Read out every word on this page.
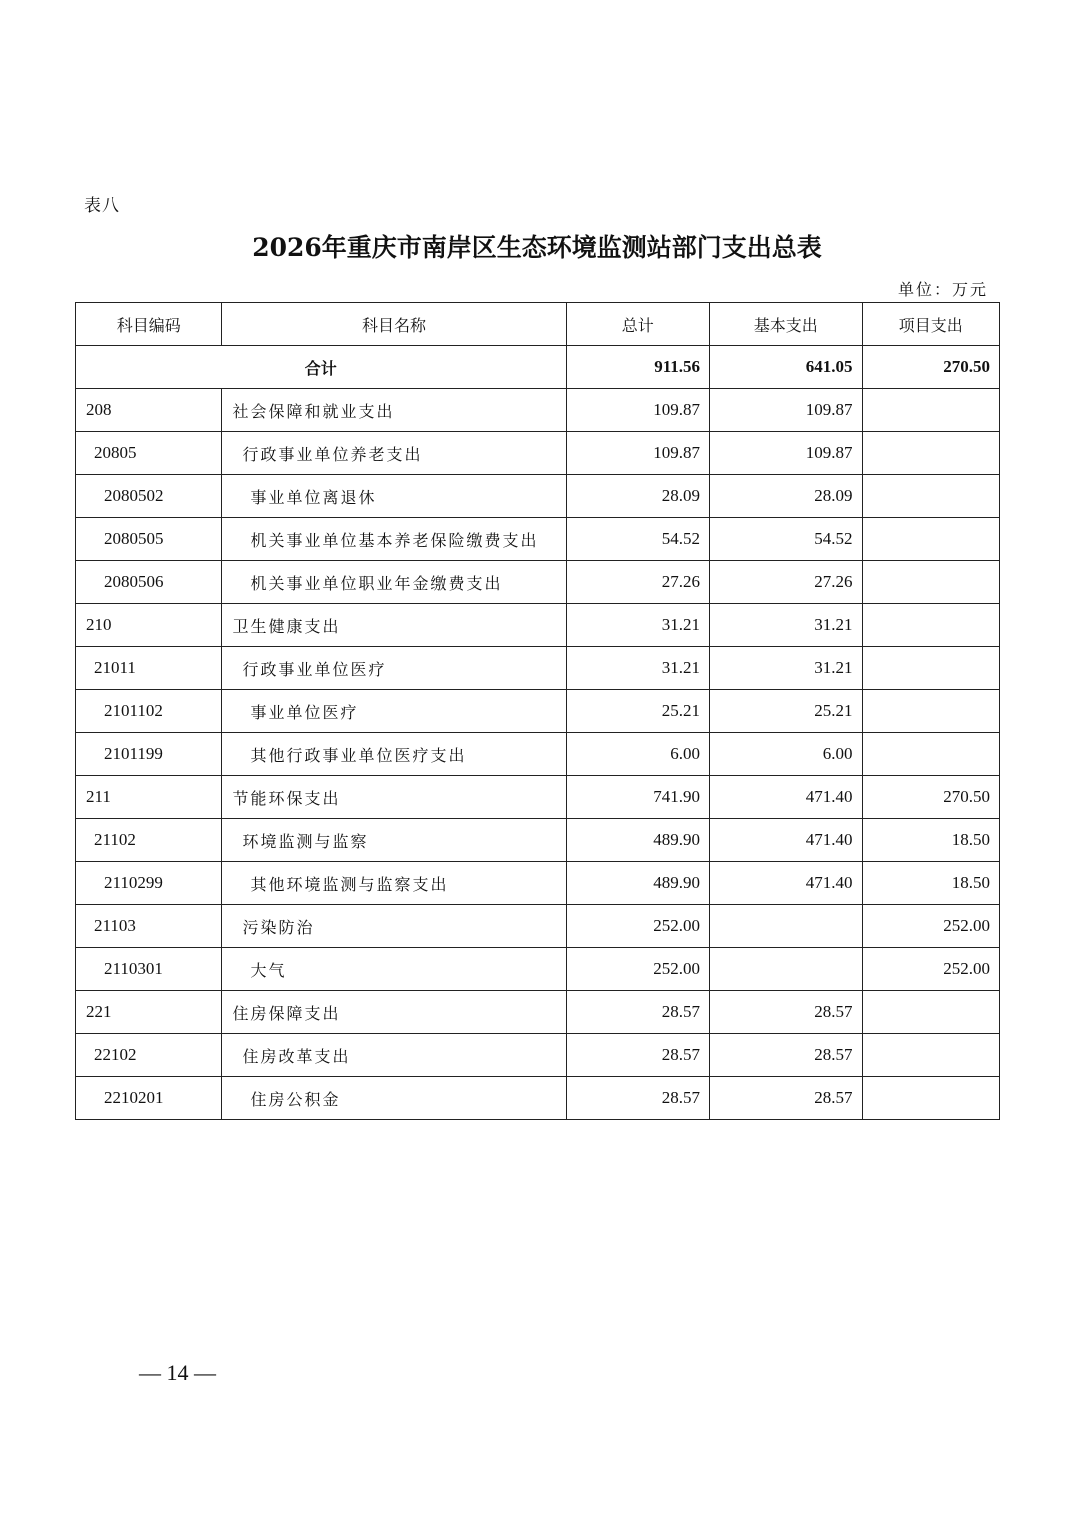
表八
2026年重庆市南岸区生态环境监测站部门支出总表
单位：万元
科目编码	科目名称	总计	基本支出	项目支出
合计		911.56	641.05	270.50
208	社会保障和就业支出	109.87	109.87	
20805	行政事业单位养老支出	109.87	109.87	
2080502	事业单位离退休	28.09	28.09	
2080505	机关事业单位基本养老保险缴费支出	54.52	54.52	
2080506	机关事业单位职业年金缴费支出	27.26	27.26	
210	卫生健康支出	31.21	31.21	
21011	行政事业单位医疗	31.21	31.21	
2101102	事业单位医疗	25.21	25.21	
2101199	其他行政事业单位医疗支出	6.00	6.00	
211	节能环保支出	741.90	471.40	270.50
21102	环境监测与监察	489.90	471.40	18.50
2110299	其他环境监测与监察支出	489.90	471.40	18.50
21103	污染防治	252.00		252.00
2110301	大气	252.00		252.00
221	住房保障支出	28.57	28.57	
22102	住房改革支出	28.57	28.57	
2210201	住房公积金	28.57	28.57	
— 14 —
